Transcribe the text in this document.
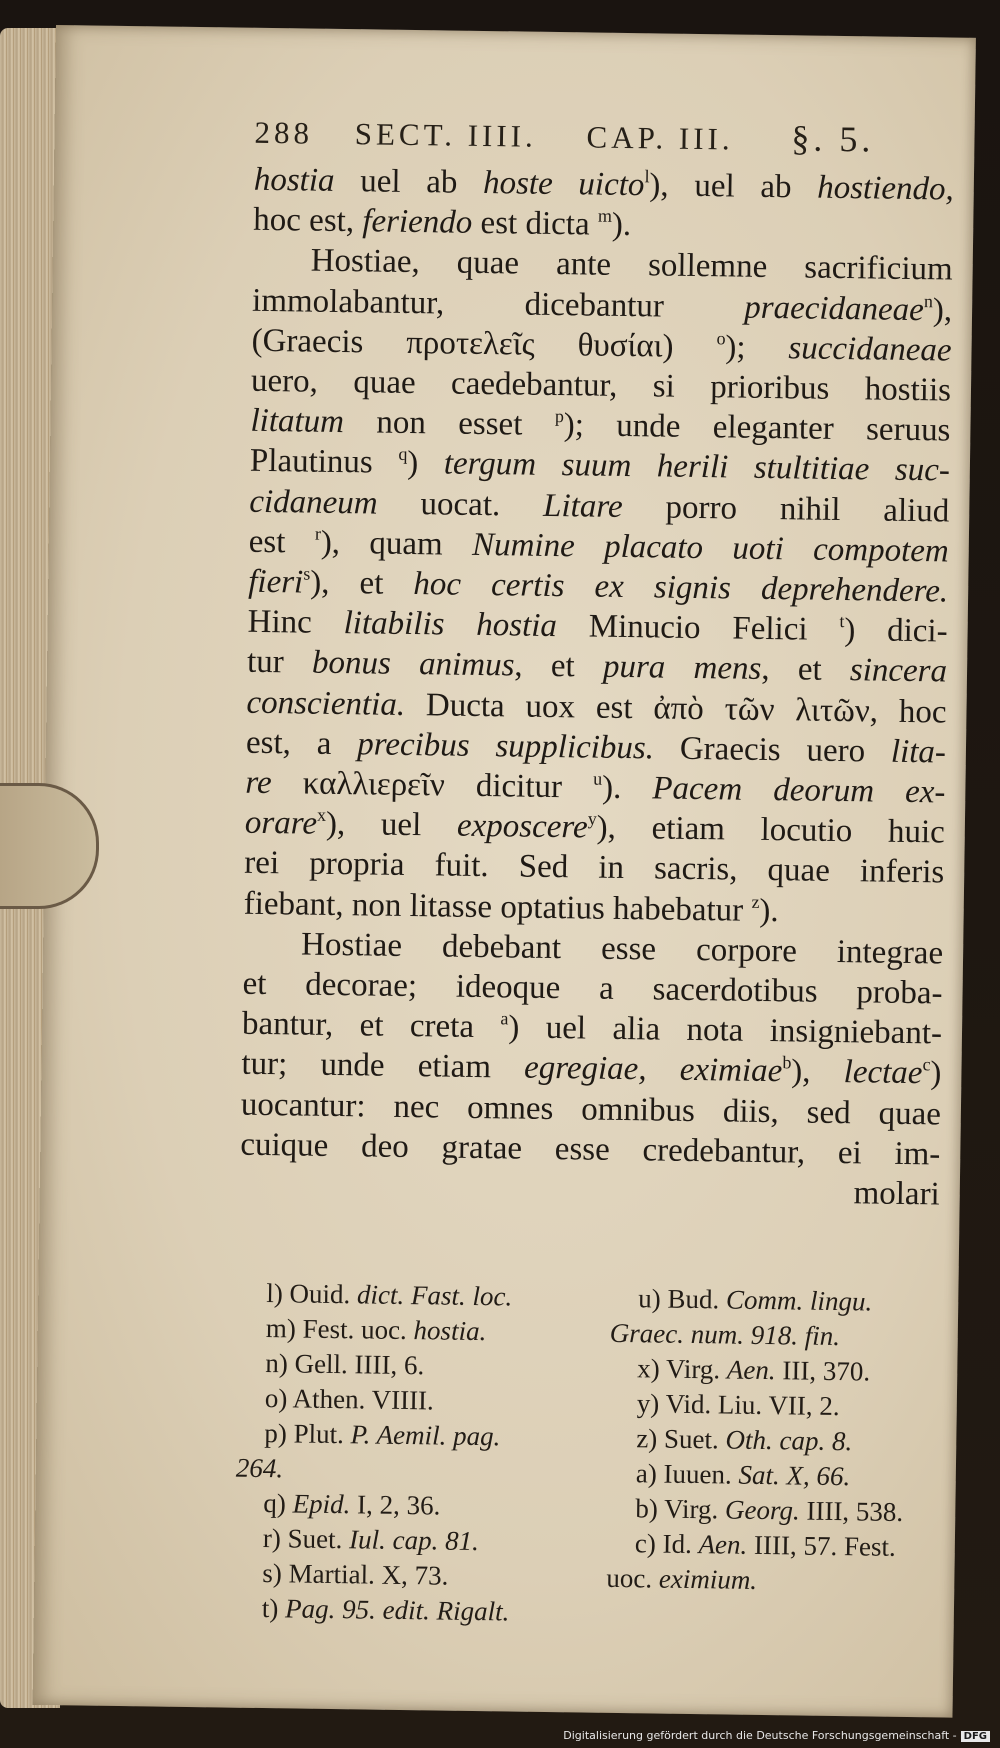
288 SECT. IIII. CAP. III. §. 5.
hostia uel ab hoste uicto$^l$), uel ab hostiendo,
hoc est, feriendo est dicta $^m$).
Hostiae, quae ante sollemne sacrificium
immolabantur, dicebantur praecidaneae$^n$),
(Graecis προτελεῖς θυσίαι) $^o$); succidaneae
uero, quae caedebantur, si prioribus hostiis
litatum non esset $^p$); unde eleganter seruus
Plautinus $^q$) tergum suum herili stultitiae suc-
cidaneum uocat. Litare porro nihil aliud
est $^r$), quam Numine placato uoti compotem
fieri$^s$), et hoc certis ex signis deprehendere.
Hinc litabilis hostia Minucio Felici $^t$) dici-
tur bonus animus, et pura mens, et sincera
conscientia. Ducta uox est ἀπὸ τῶν λιτῶν, hoc
est, a precibus supplicibus. Graecis uero lita-
re καλλιερεῖν dicitur $^u$). Pacem deorum ex-
orare$^x$), uel exposcere$^y$), etiam locutio huic
rei propria fuit. Sed in sacris, quae inferis
fiebant, non litasse optatius habebatur $^z$).
Hostiae debebant esse corpore integrae
et decorae; ideoque a sacerdotibus proba-
bantur, et creta $^a$) uel alia nota insigniebant-
tur; unde etiam egregiae, eximiae$^b$), lectae$^c$)
uocantur: nec omnes omnibus diis, sed quae
cuique deo gratae esse credebantur, ei im-
molari
l) Ouid. dict. Fast. loc.
m) Fest. uoc. hostia.
n) Gell. IIII, 6.
o) Athen. VIIII.
p) Plut. P. Aemil. pag.
264.
q) Epid. I, 2, 36.
r) Suet. Iul. cap. 81.
s) Martial. X, 73.
t) Pag. 95. edit. Rigalt.
u) Bud. Comm. lingu.
Graec. num. 918. fin.
x) Virg. Aen. III, 370.
y) Vid. Liu. VII, 2.
z) Suet. Oth. cap. 8.
a) Iuuen. Sat. X, 66.
b) Virg. Georg. IIII, 538.
c) Id. Aen. IIII, 57. Fest.
uoc. eximium.
Digitalisierung gefördert durch die Deutsche Forschungsgemeinschaft - DFG
